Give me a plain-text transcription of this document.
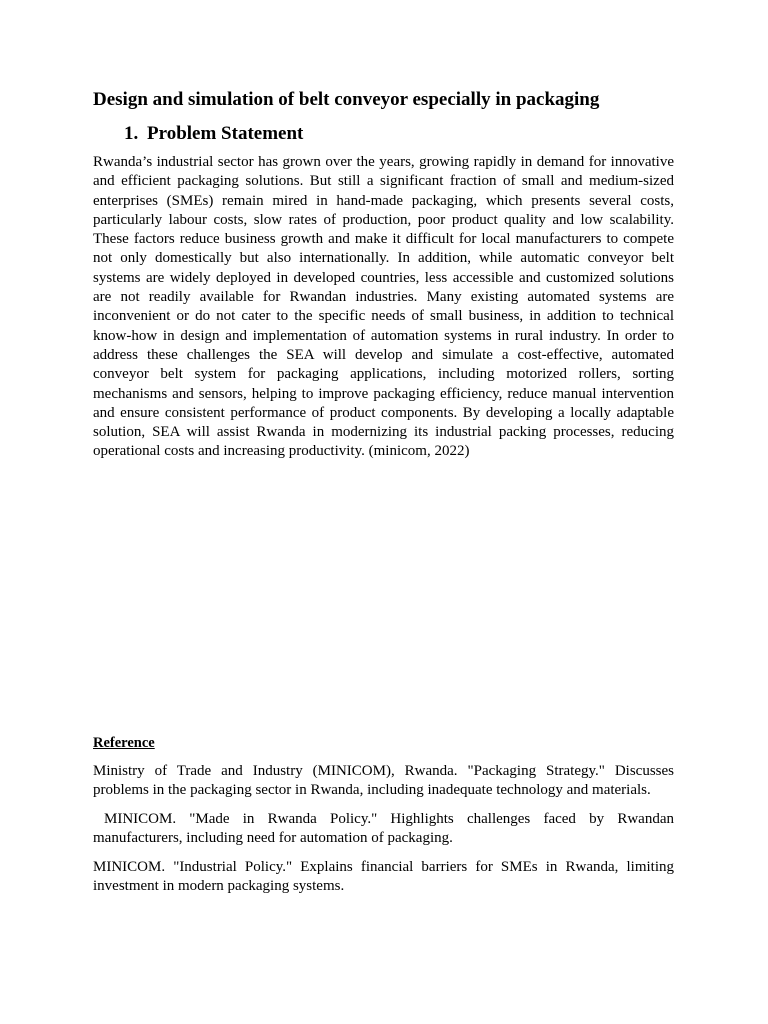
Design and simulation of belt conveyor especially in packaging
1. Problem Statement

Rwanda’s industrial sector has grown over the years, growing rapidly in demand for innovative and efficient packaging solutions. But still a significant fraction of small and medium-sized enterprises (SMEs) remain mired in hand-made packaging, which presents several costs, particularly labour costs, slow rates of production, poor product quality and low scalability. These factors reduce business growth and make it difficult for local manufacturers to compete not only domestically but also internationally. In addition, while automatic conveyor belt systems are widely deployed in developed countries, less accessible and customized solutions are not readily available for Rwandan industries. Many existing automated systems are inconvenient or do not cater to the specific needs of small business, in addition to technical know-how in design and implementation of automation systems in rural industry. In order to address these challenges the SEA will develop and simulate a cost-effective, automated conveyor belt system for packaging applications, including motorized rollers, sorting mechanisms and sensors, helping to improve packaging efficiency, reduce manual intervention and ensure consistent performance of product components. By developing a locally adaptable solution, SEA will assist Rwanda in modernizing its industrial packing processes, reducing operational costs and increasing productivity. (minicom, 2022)

Reference

Ministry of Trade and Industry (MINICOM), Rwanda. "Packaging Strategy." Discusses problems in the packaging sector in Rwanda, including inadequate technology and materials.

MINICOM. "Made in Rwanda Policy." Highlights challenges faced by Rwandan manufacturers, including need for automation of packaging.

MINICOM. "Industrial Policy." Explains financial barriers for SMEs in Rwanda, limiting investment in modern packaging systems.
